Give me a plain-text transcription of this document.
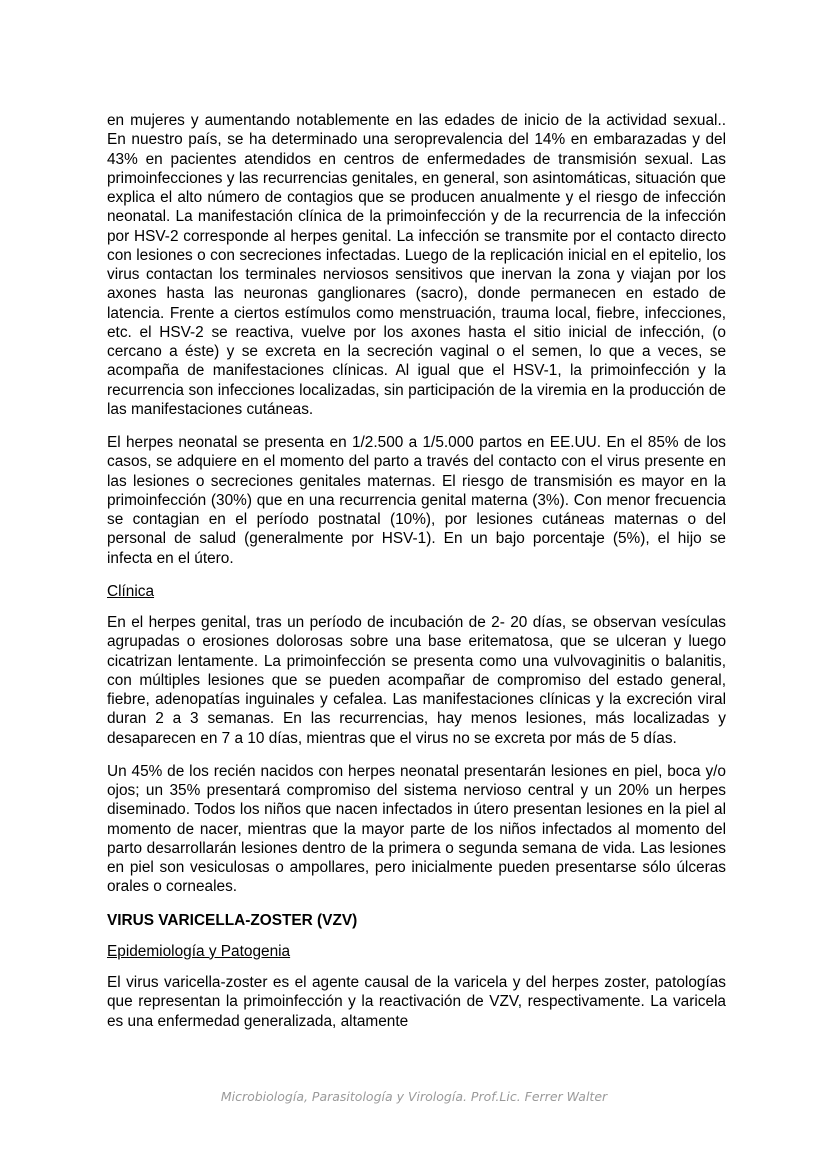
en mujeres y aumentando notablemente en las edades de inicio de la actividad sexual.. En nuestro país, se ha determinado una seroprevalencia del 14% en embarazadas y del 43% en pacientes atendidos en centros de enfermedades de transmisión sexual. Las primoinfecciones y las recurrencias genitales, en general, son asintomáticas, situación que explica el alto número de contagios que se producen anualmente y el riesgo de infección neonatal. La manifestación clínica de la primoinfección y de la recurrencia de la infección por HSV-2 corresponde al herpes genital. La infección se transmite por el contacto directo con lesiones o con secreciones infectadas. Luego de la replicación inicial en el epitelio, los virus contactan los terminales nerviosos sensitivos que inervan la zona y viajan por los axones hasta las neuronas ganglionares (sacro), donde permanecen en estado de latencia. Frente a ciertos estímulos como menstruación, trauma local, fiebre, infecciones, etc. el HSV-2 se reactiva, vuelve por los axones hasta el sitio inicial de infección, (o cercano a éste) y se excreta en la secreción vaginal o el semen, lo que a veces, se acompaña de manifestaciones clínicas. Al igual que el HSV-1, la primoinfección y la recurrencia son infecciones localizadas, sin participación de la viremia en la producción de las manifestaciones cutáneas.

El herpes neonatal se presenta en 1/2.500 a 1/5.000 partos en EE.UU. En el 85% de los casos, se adquiere en el momento del parto a través del contacto con el virus presente en las lesiones o secreciones genitales maternas. El riesgo de transmisión es mayor en la primoinfección (30%) que en una recurrencia genital materna (3%). Con menor frecuencia se contagian en el período postnatal (10%), por lesiones cutáneas maternas o del personal de salud (generalmente por HSV-1). En un bajo porcentaje (5%), el hijo se infecta en el útero.

Clínica

En el herpes genital, tras un período de incubación de 2- 20 días, se observan vesículas agrupadas o erosiones dolorosas sobre una base eritematosa, que se ulceran y luego cicatrizan lentamente. La primoinfección se presenta como una vulvovaginitis o balanitis, con múltiples lesiones que se pueden acompañar de compromiso del estado general, fiebre, adenopatías inguinales y cefalea. Las manifestaciones clínicas y la excreción viral duran 2 a 3 semanas. En las recurrencias, hay menos lesiones, más localizadas y desaparecen en 7 a 10 días, mientras que el virus no se excreta por más de 5 días.

Un 45% de los recién nacidos con herpes neonatal presentarán lesiones en piel, boca y/o ojos; un 35% presentará compromiso del sistema nervioso central y un 20% un herpes diseminado. Todos los niños que nacen infectados in útero presentan lesiones en la piel al momento de nacer, mientras que la mayor parte de los niños infectados al momento del parto desarrollarán lesiones dentro de la primera o segunda semana de vida. Las lesiones en piel son vesiculosas o ampollares, pero inicialmente pueden presentarse sólo úlceras orales o corneales.

VIRUS VARICELLA-ZOSTER (VZV)

Epidemiología y Patogenia

El virus varicella-zoster es el agente causal de la varicela y del herpes zoster, patologías que representan la primoinfección y la reactivación de VZV, respectivamente. La varicela es una enfermedad generalizada, altamente

Microbiología, Parasitología y Virología. Prof.Lic. Ferrer Walter
